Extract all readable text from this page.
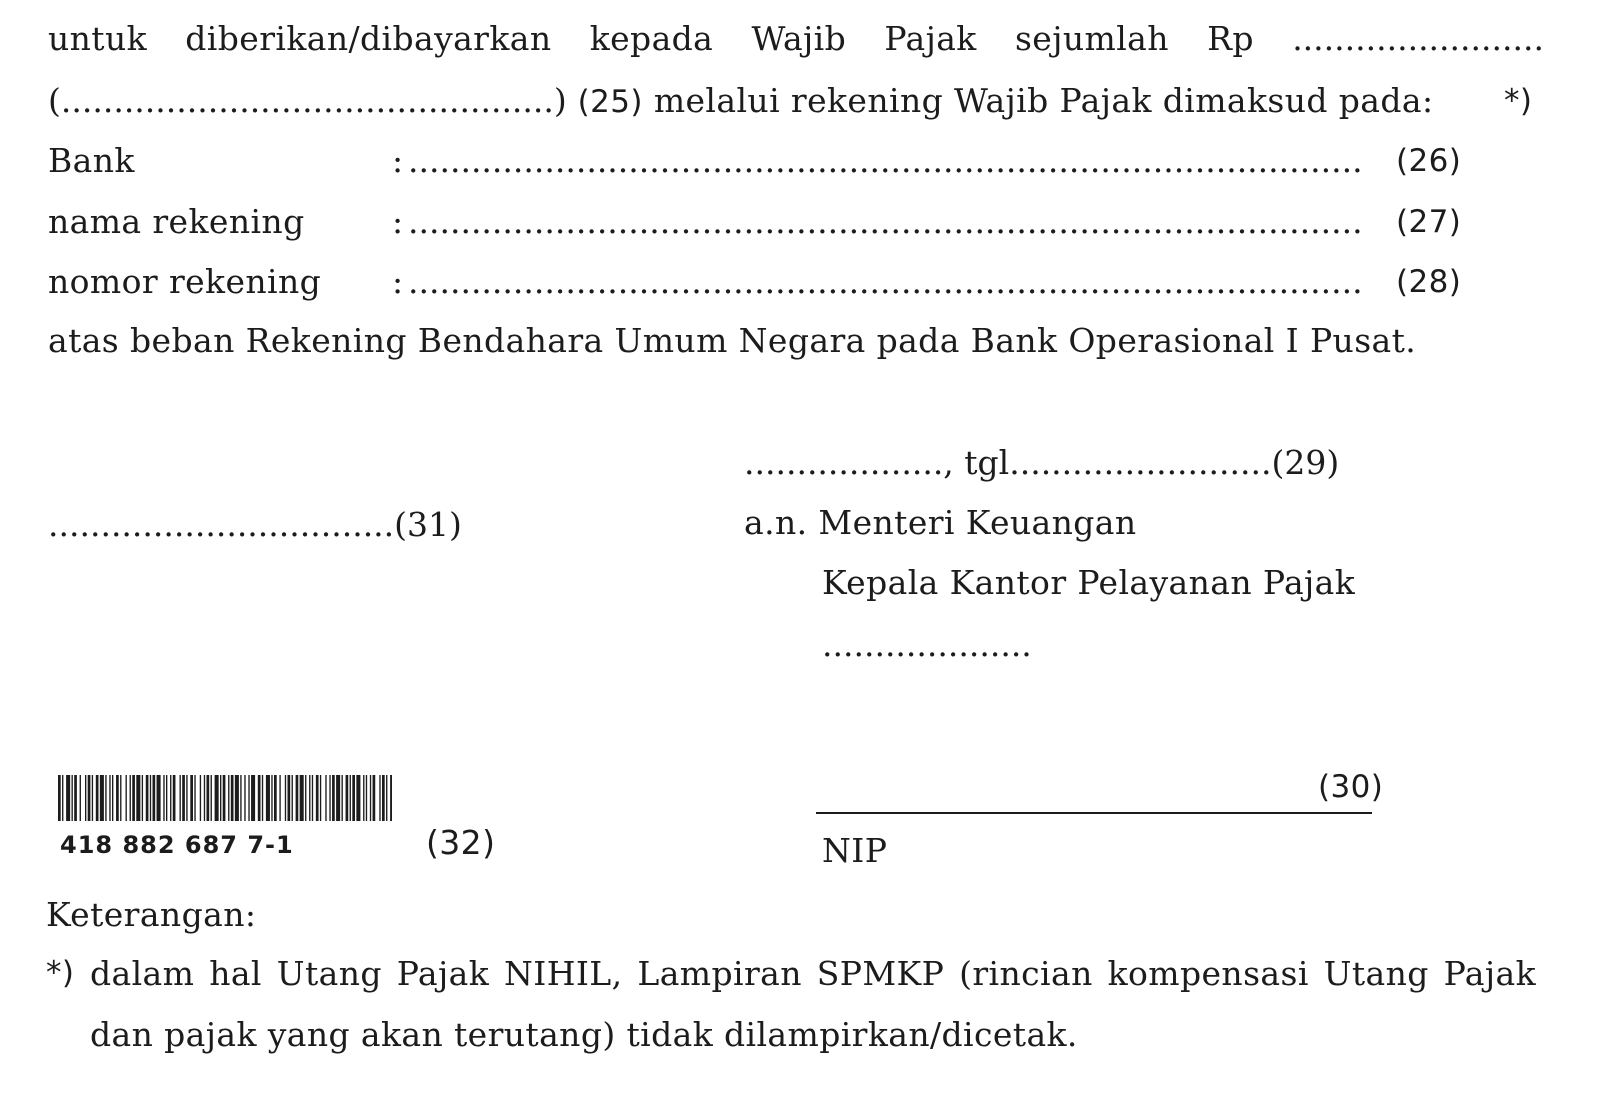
untuk diberikan/dibayarkan kepada Wajib Pajak sejumlah Rp ........................
(...............................................) (25) melalui rekening Wajib Pajak dimaksud pada: *)
Bank	: ........................................................................................... (26)
nama rekening	: ........................................................................................... (27)
nomor rekening : ........................................................................................... (28)
atas beban Rekening Bendahara Umum Negara pada Bank Operasional I Pusat.
..................., tgl.........................(29)
.................................(31)	a.n. Menteri Keuangan
Kepala Kantor Pelayanan Pajak
....................
(30)
NIP
418 882 687 7-1	(32)
Keterangan:
*) dalam hal Utang Pajak NIHIL, Lampiran SPMKP (rincian kompensasi Utang Pajak
dan pajak yang akan terutang) tidak dilampirkan/dicetak.
